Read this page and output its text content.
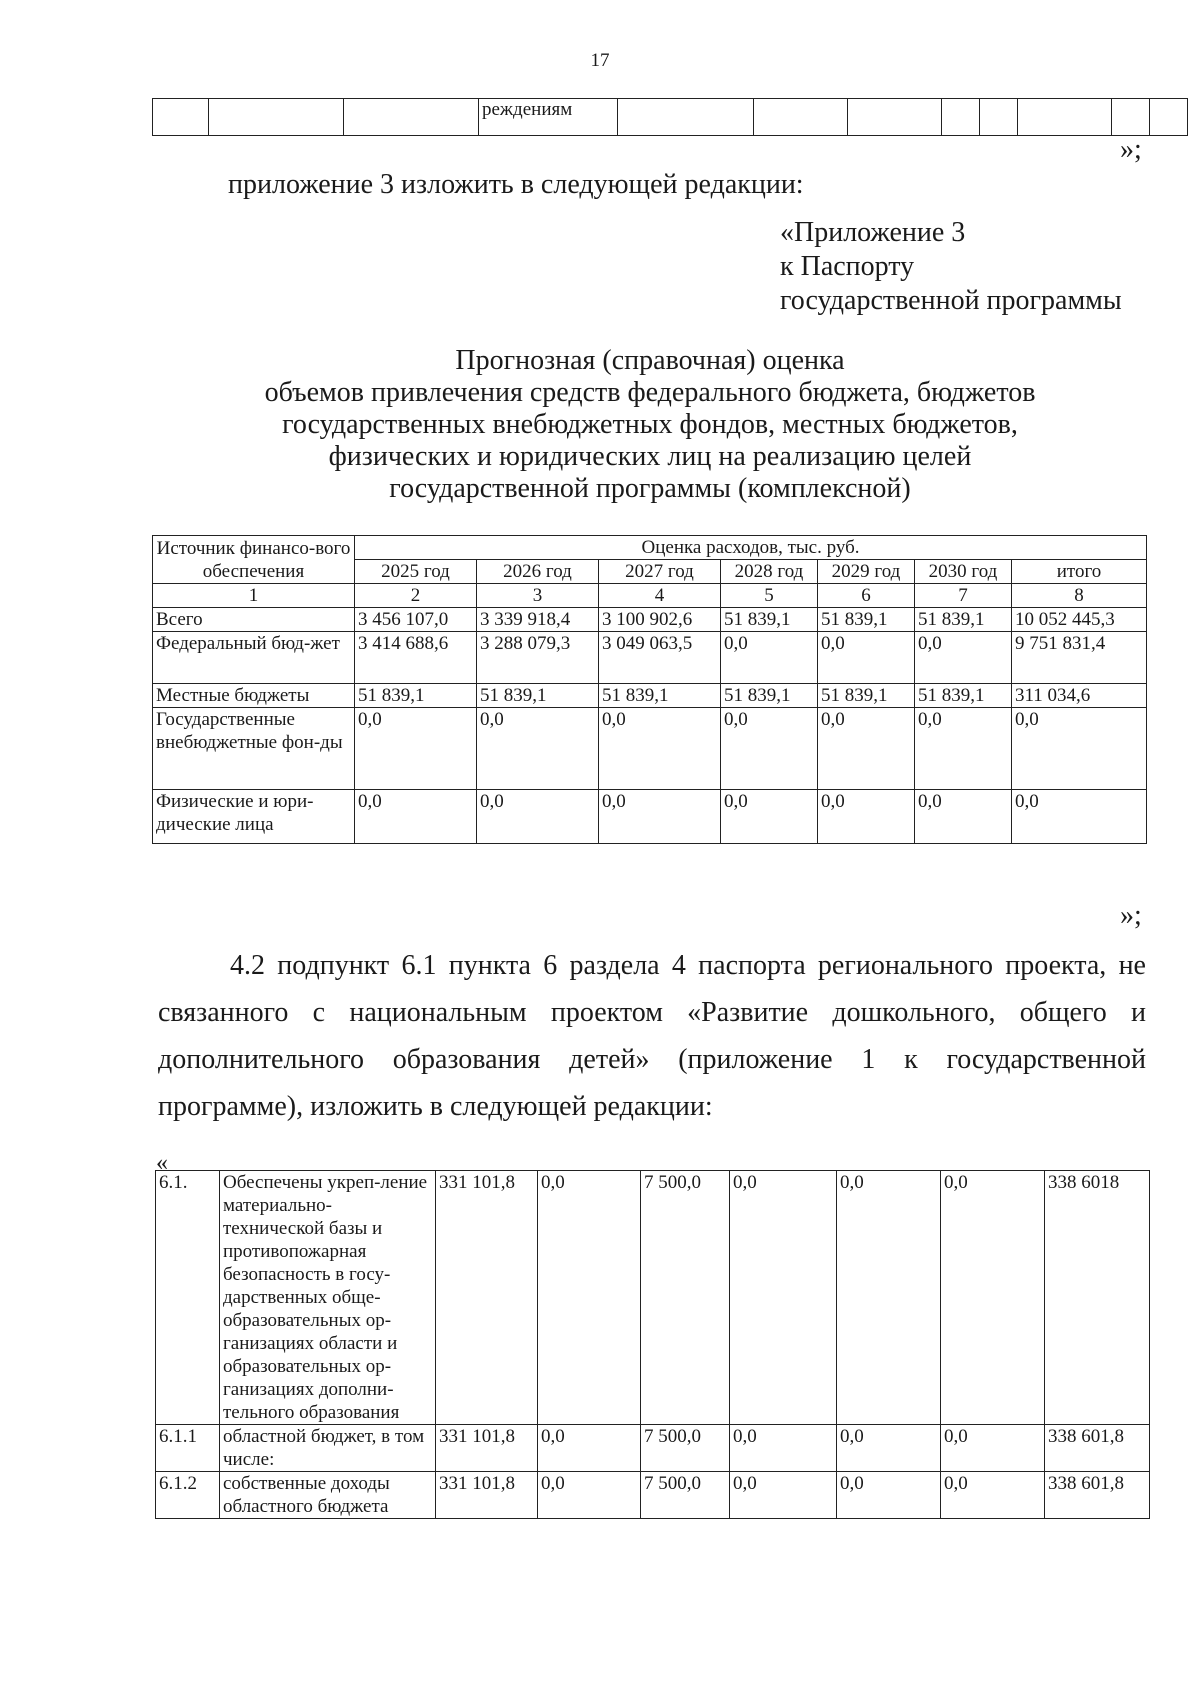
17
			реждениям								
»;
приложение 3 изложить в следующей редакции:
«Приложение 3
к Паспорту
государственной программы
Прогнозная (справочная) оценка
объемов привлечения средств федерального бюджета, бюджетов
государственных внебюджетных фондов, местных бюджетов,
физических и юридических лиц на реализацию целей
государственной программы (комплексной)
Источник финансо-вого обеспечения	Оценка расходов, тыс. руб.						
	2025 год	2026 год	2027 год	2028 год	2029 год	2030 год	итого
1	2	3	4	5	6	7	8
Всего	3 456 107,0	3 339 918,4	3 100 902,6	51 839,1	51 839,1	51 839,1	10 052 445,3
Федеральный бюд-жет	3 414 688,6	3 288 079,3	3 049 063,5	0,0	0,0	0,0	9 751 831,4
Местные бюджеты	51 839,1	51 839,1	51 839,1	51 839,1	51 839,1	51 839,1	311 034,6
Государственные внебюджетные фон-ды	0,0	0,0	0,0	0,0	0,0	0,0	0,0
Физические и юри-дические лица	0,0	0,0	0,0	0,0	0,0	0,0	0,0
»;
4.2 подпункт 6.1 пункта 6 раздела 4 паспорта регионального проекта, не связанного с национальным проектом «Развитие дошкольного, общего и дополнительного образования детей» (приложение 1 к государственной программе), изложить в следующей редакции:
«
6.1.	Обеспечены укреп-ление материально-технической базы и противопожарная безопасность в госу-дарственных обще-образовательных ор-ганизациях области и образовательных ор-ганизациях дополни-тельного образования	331 101,8	0,0	7 500,0	0,0	0,0	0,0	338 6018
6.1.1	областной бюджет, в том числе:	331 101,8	0,0	7 500,0	0,0	0,0	0,0	338 601,8
6.1.2	собственные доходы областного бюджета	331 101,8	0,0	7 500,0	0,0	0,0	0,0	338 601,8
